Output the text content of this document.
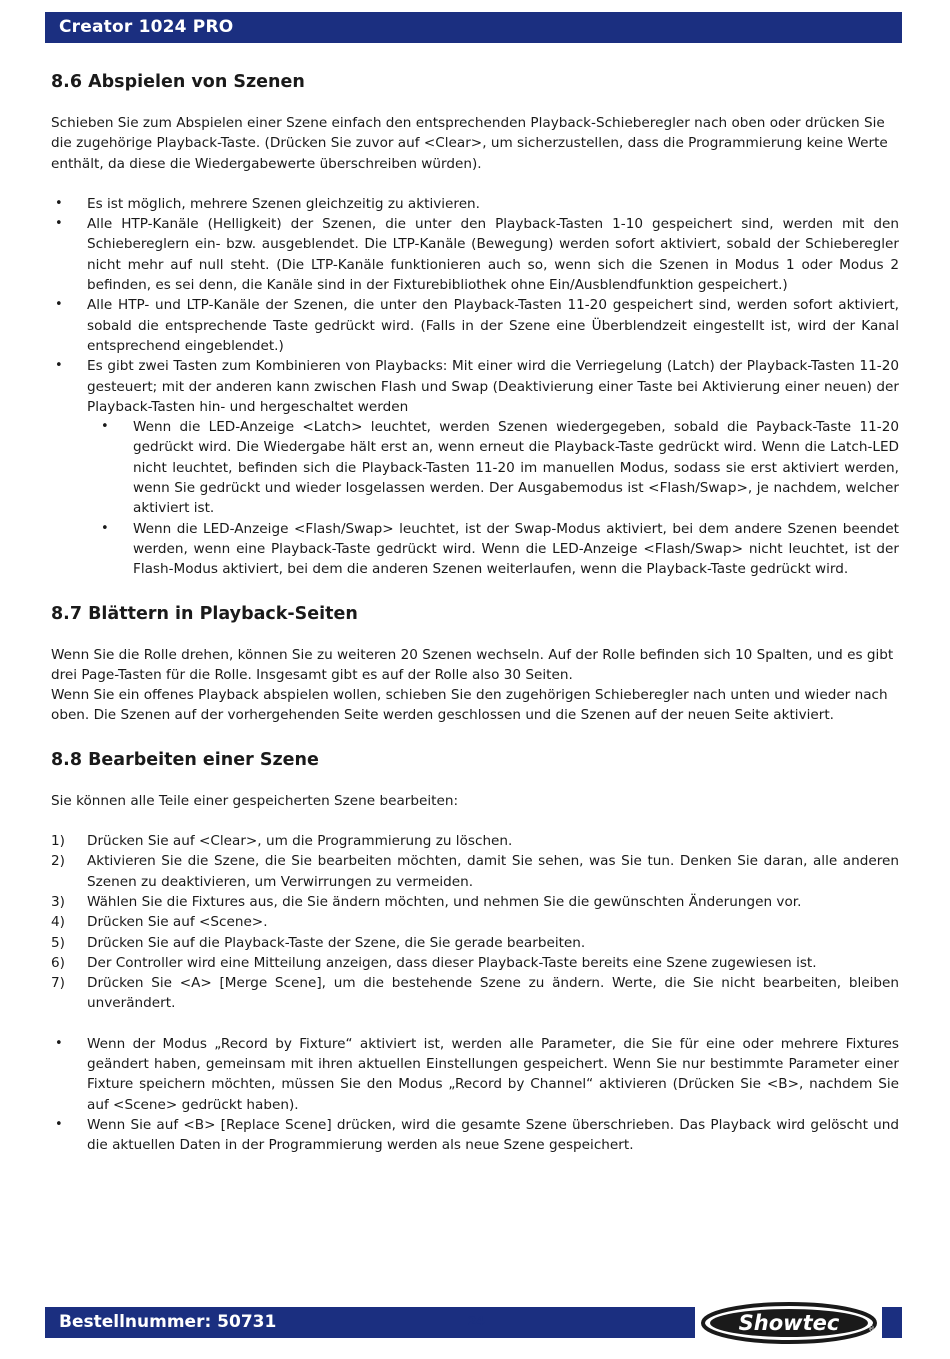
Creator 1024 PRO
8.6 Abspielen von Szenen

Schieben Sie zum Abspielen einer Szene einfach den entsprechenden Playback-Schieberegler nach oben oder drücken Sie die zugehörige Playback-Taste. (Drücken Sie zuvor auf <Clear>, um sicherzustellen, dass die Programmierung keine Werte enthält, da diese die Wiedergabewerte überschreiben würden).

• Es ist möglich, mehrere Szenen gleichzeitig zu aktivieren.
• Alle HTP-Kanäle (Helligkeit) der Szenen, die unter den Playback-Tasten 1-10 gespeichert sind, werden mit den Schiebereglern ein- bzw. ausgeblendet. Die LTP-Kanäle (Bewegung) werden sofort aktiviert, sobald der Schieberegler nicht mehr auf null steht. (Die LTP-Kanäle funktionieren auch so, wenn sich die Szenen in Modus 1 oder Modus 2 befinden, es sei denn, die Kanäle sind in der Fixturebibliothek ohne Ein/Ausblendfunktion gespeichert.)
• Alle HTP- und LTP-Kanäle der Szenen, die unter den Playback-Tasten 11-20 gespeichert sind, werden sofort aktiviert, sobald die entsprechende Taste gedrückt wird. (Falls in der Szene eine Überblendzeit eingestellt ist, wird der Kanal entsprechend eingeblendet.)
• Es gibt zwei Tasten zum Kombinieren von Playbacks: Mit einer wird die Verriegelung (Latch) der Playback-Tasten 11-20 gesteuert; mit der anderen kann zwischen Flash und Swap (Deaktivierung einer Taste bei Aktivierung einer neuen) der Playback-Tasten hin- und hergeschaltet werden
• Wenn die LED-Anzeige <Latch> leuchtet, werden Szenen wiedergegeben, sobald die Payback-Taste 11-20 gedrückt wird. Die Wiedergabe hält erst an, wenn erneut die Playback-Taste gedrückt wird. Wenn die Latch-LED nicht leuchtet, befinden sich die Playback-Tasten 11-20 im manuellen Modus, sodass sie erst aktiviert werden, wenn Sie gedrückt und wieder losgelassen werden. Der Ausgabemodus ist <Flash/Swap>, je nachdem, welcher aktiviert ist.
• Wenn die LED-Anzeige <Flash/Swap> leuchtet, ist der Swap-Modus aktiviert, bei dem andere Szenen beendet werden, wenn eine Playback-Taste gedrückt wird. Wenn die LED-Anzeige <Flash/Swap> nicht leuchtet, ist der Flash-Modus aktiviert, bei dem die anderen Szenen weiterlaufen, wenn die Playback-Taste gedrückt wird.
8.7 Blättern in Playback-Seiten

Wenn Sie die Rolle drehen, können Sie zu weiteren 20 Szenen wechseln. Auf der Rolle befinden sich 10 Spalten, und es gibt drei Page-Tasten für die Rolle. Insgesamt gibt es auf der Rolle also 30 Seiten.

Wenn Sie ein offenes Playback abspielen wollen, schieben Sie den zugehörigen Schieberegler nach unten und wieder nach oben. Die Szenen auf der vorhergehenden Seite werden geschlossen und die Szenen auf der neuen Seite aktiviert.

8.8 Bearbeiten einer Szene

Sie können alle Teile einer gespeicherten Szene bearbeiten:

1) Drücken Sie auf <Clear>, um die Programmierung zu löschen.
2) Aktivieren Sie die Szene, die Sie bearbeiten möchten, damit Sie sehen, was Sie tun. Denken Sie daran, alle anderen Szenen zu deaktivieren, um Verwirrungen zu vermeiden.
3) Wählen Sie die Fixtures aus, die Sie ändern möchten, und nehmen Sie die gewünschten Änderungen vor.
4) Drücken Sie auf <Scene>.
5) Drücken Sie auf die Playback-Taste der Szene, die Sie gerade bearbeiten.
6) Der Controller wird eine Mitteilung anzeigen, dass dieser Playback-Taste bereits eine Szene zugewiesen ist.
7) Drücken Sie <A> [Merge Scene], um die bestehende Szene zu ändern. Werte, die Sie nicht bearbeiten, bleiben unverändert.
• Wenn der Modus „Record by Fixture“ aktiviert ist, werden alle Parameter, die Sie für eine oder mehrere Fixtures geändert haben, gemeinsam mit ihren aktuellen Einstellungen gespeichert. Wenn Sie nur bestimmte Parameter einer Fixture speichern möchten, müssen Sie den Modus „Record by Channel“ aktivieren (Drücken Sie <B>, nachdem Sie auf <Scene> gedrückt haben).
• Wenn Sie auf <B> [Replace Scene] drücken, wird die gesamte Szene überschrieben. Das Playback wird gelöscht und die aktuellen Daten in der Programmierung werden als neue Szene gespeichert.
Bestellnummer: 50731	24	Showtec	®
